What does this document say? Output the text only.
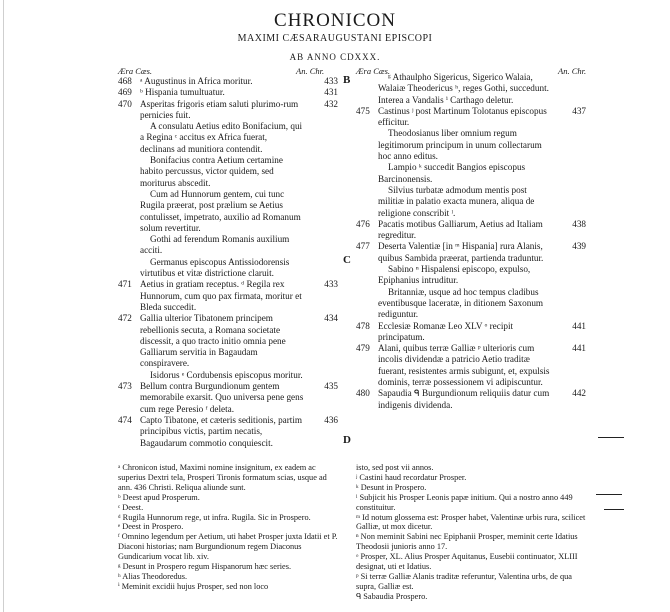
CHRONICON
MAXIMI CÆSARAUGUSTANI EPISCOPI
AB ANNO CDXXX.
Æra Cæs.	An. Chr.	Æra Cæs.	An. Chr.
B
C
D
468	433
ᵃ Augustinus in Africa moritur.
469	431
ᵇ Hispania tumultuatur.
470	432
Asperitas frigoris etiam saluti plurimo-rum pernicies fuit.
A consulatu Aetius edito Bonifacium, qui a Regina ᶜ accitus ex Africa fuerat, declinans ad munitiora contendit.
Bonifacius contra Aetium certamine habito percussus, victor quidem, sed moriturus abscedit.
Cum ad Hunnorum gentem, cui tunc Rugila præerat, post prælium se Aetius contulisset, impetrato, auxilio ad Romanum solum revertitur.
Gothi ad ferendum Romanis auxilium acciti.
Germanus episcopus Antissiodorensis virtutibus et vitæ districtione claruit.
471	433
Aetius in gratiam receptus. ᵈ Regila rex Hunnorum, cum quo pax firmata, moritur et Bleda succedit.
472	434
Gallia ulterior Tibatonem principem rebellionis secuta, a Romana societate discessit, a quo tracto initio omnia pene Galliarum servitia in Bagaudam conspiravere.
Isidorus ᵉ Cordubensis episcopus moritur.
473	435
Bellum contra Burgundionum gentem memorabile exarsit. Quo universa pene gens cum rege Peresio ᶠ deleta.
474	436
Capto Tibatone, et cæteris seditionis, partim principibus victis, partim necatis, Bagaudarum commotio conquiescit.
ᵍ Athaulpho Sigericus, Sigerico Walaia, Walaiæ Theodericus ʰ, reges Gothi, succedunt. Interea a Vandalis ⁱ Carthago deletur.
475	437
Castinus ʲ post Martinum Tolotanus episcopus efficitur.
Theodosianus liber omnium regum legitimorum principum in unum collectarum hoc anno editus.
Lampio ᵏ succedit Bangios episcopus Barcinonensis.
Silvius turbatæ admodum mentis post militiæ in palatio exacta munera, aliqua de religione conscribit ˡ.
476	438
Pacatis motibus Galliarum, Aetius ad Italiam regreditur.
477	439
Deserta Valentiæ [in ᵐ Hispania] rura Alanis, quibus Sambida præerat, partienda traduntur.
Sabino ⁿ Hispalensi episcopo, expulso, Epiphanius intruditur.
Britanniæ, usque ad hoc tempus cladibus eventibusque laceratæ, in ditionem Saxonum rediguntur.
478	441
Ecclesiæ Romanæ Leo XLV ᵒ recipit principatum.
479	441
Alani, quibus terræ Galliæ ᵖ ulterioris cum incolis dividendæ a patricio Aetio traditæ fuerant, resistentes armis subigunt, et, expulsis dominis, terræ possessionem vi adipiscuntur.
480	442
Sapaudia ᑫ Burgundionum reliquiis datur cum indigenis dividenda.

ᵃ Chronicon istud, Maximi nomine insignitum, ex eadem ac superius Dextri tela, Prosperi Tironis formatum scias, usque ad ann. 436 Christi. Reliqua aliunde sunt.

ᵇ Deest apud Prosperum.

ᶜ Deest.

ᵈ Rugila Hunnorum rege, ut infra. Rugila. Sic in Prospero.

ᵉ Deest in Prospero.

ᶠ Omnino legendum per Aetium, uti habet Prosper juxta Idatii et P. Diaconi historias; nam Burgundionum regem Diaconus Gundicarium vocat lib. xiv.

ᵍ Desunt in Prospero regum Hispanorum hæc series.

ʰ Alias Theodoredus.

ⁱ Meminit excidii hujus Prosper, sed non loco

isto, sed post vii annos.

ʲ Castini haud recordatur Prosper.

ᵏ Desunt in Prospero.

ˡ Subjicit his Prosper Leonis papæ initium. Qui a nostro anno 449 constituitur.

ᵐ Id notum glossema est: Prosper habet, Valentinæ urbis rura, scilicet Galliæ, ut mox dicetur.

ⁿ Non meminit Sabini nec Epiphanii Prosper, meminit certe Idatius Theodosii junioris anno 17.

ᵒ Prosper, XL. Alius Prosper Aquitanus, Eusebii continuator, XLIII designat, uti et Idatius.

ᵖ Si terræ Galliæ Alanis traditæ referuntur, Valentina urbs, de qua supra, Galliæ est.

ᑫ Sabaudia Prospero.
